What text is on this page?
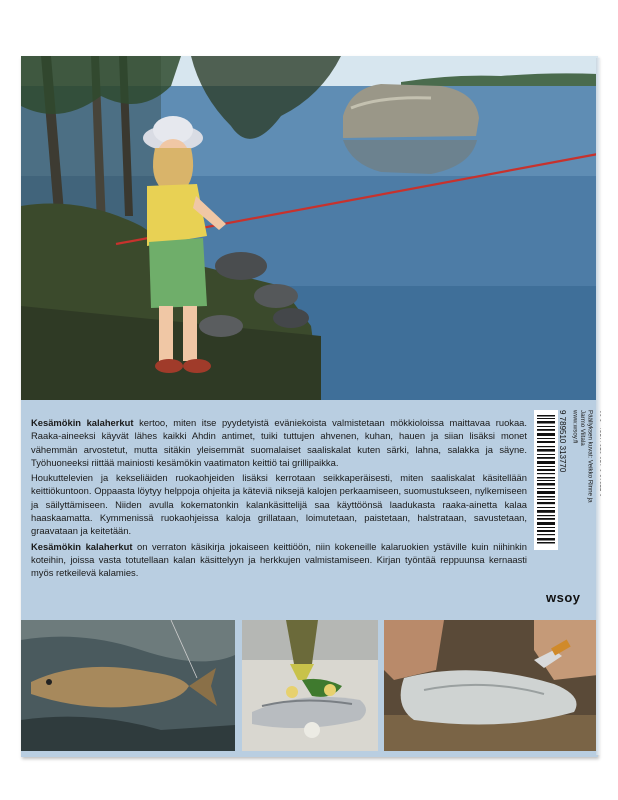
Kesämökin kalaherkut kertoo, miten itse pyydetyistä eväniekoista valmistetaan mökkioloissa maittavaa ruokaa. Raaka-aineeksi käyvät lähes kaikki Ahdin antimet, tuiki tuttujen ahvenen, kuhan, hauen ja siian lisäksi monet vähemmän arvostetut, mutta sitäkin yleisemmät suomalaiset saaliskalat kuten särki, lahna, salakka ja säyne. Työhuoneeksi riittää mainiosti kesämökin vaatimaton keittiö tai grillipaikka.

Houkuttelevien ja kekseliäiden ruokaohjeiden lisäksi kerrotaan seikkaperäisesti, miten saaliskalat käsitellään keittiökuntoon. Oppaasta löytyy helppoja ohjeita ja käteviä niksejä kalojen perkaamiseen, suomustukseen, nylkemiseen ja säilyttämiseen. Niiden avulla kokematonkin kalankäsittelijä saa käyttöönsä laadukasta raaka-ainetta kalaa haaskaamatta. Kymmenissä ruokaohjeissa kaloja grillataan, loimutetaan, paistetaan, halstrataan, savustetaan, graavataan ja keitetään.

Kesämökin kalaherkut on verraton käsikirja jokaiseen keittiöön, niin kokeneille kalaruokien ystäville kuin niihinkin koteihin, joissa vasta totutellaan kalan käsittelyyn ja herkkujen valmistamiseen. Kirjan työntää reppuunsa kernaasti myös retkeilevä kalamies.

9 789510 313770	Päällyksen kuvat: Veikko Rinne ja
Jarmo Viitala
www.wsoy.fi
wsoy
